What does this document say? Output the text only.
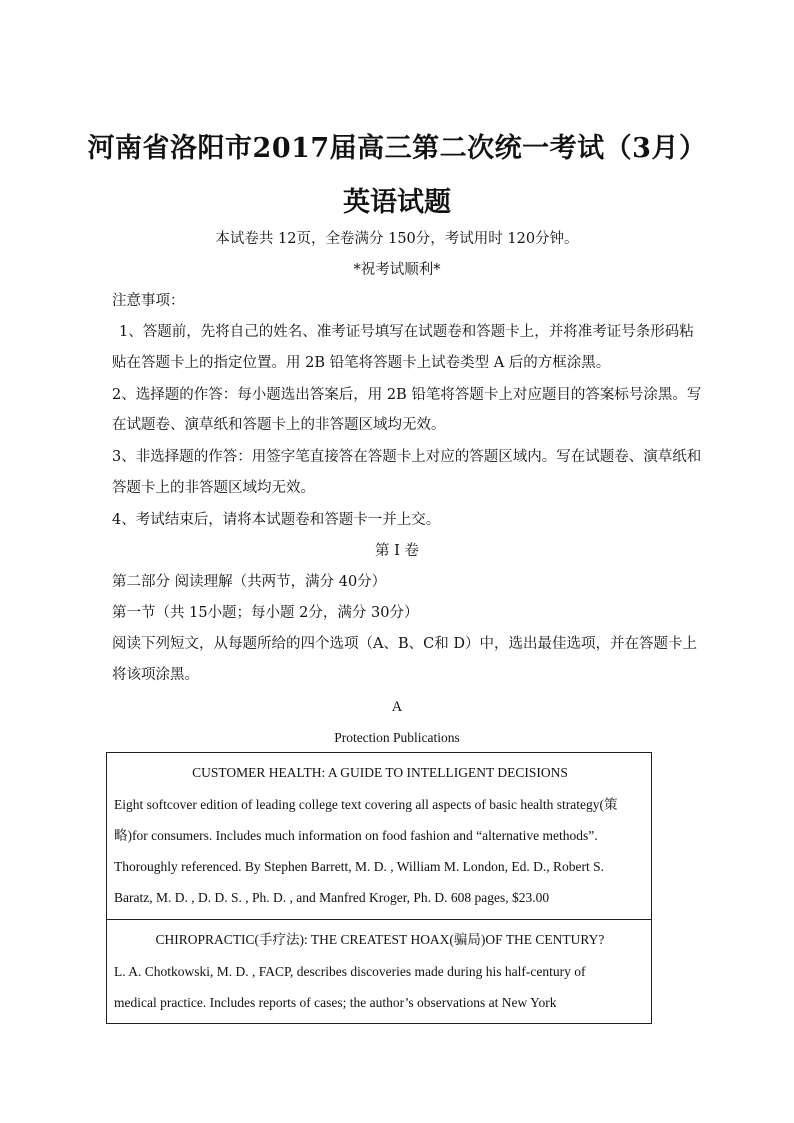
河南省洛阳市2017届高三第二次统一考试（3月）
英语试题
本试卷共 12页，全卷满分 150分，考试用时 120分钟。
*祝考试顺利*
注意事项：
1、答题前，先将自己的姓名、准考证号填写在试题卷和答题卡上，并将准考证号条形码粘
贴在答题卡上的指定位置。用 2B 铅笔将答题卡上试卷类型 A 后的方框涂黑。
2、选择题的作答：每小题选出答案后，用 2B 铅笔将答题卡上对应题目的答案标号涂黑。写
在试题卷、演草纸和答题卡上的非答题区域均无效。
3、非选择题的作答：用签字笔直接答在答题卡上对应的答题区域内。写在试题卷、演草纸和
答题卡上的非答题区域均无效。
4、考试结束后，请将本试题卷和答题卡一并上交。
第 I 卷
第二部分 阅读理解（共两节，满分 40分）
第一节（共 15小题；每小题 2分，满分 30分）
阅读下列短文，从每题所给的四个选项（A、B、C和 D）中，选出最佳选项，并在答题卡上
将该项涂黑。
A
Protection Publications
CUSTOMER HEALTH: A GUIDE TO INTELLIGENT DECISIONS
Eight softcover edition of leading college text covering all aspects of basic health strategy(策
略)for consumers. Includes much information on food fashion and “alternative methods”.
Thoroughly referenced. By Stephen Barrett, M. D. , William M. London, Ed. D., Robert S.
Baratz, M. D. , D. D. S. , Ph. D. , and Manfred Kroger, Ph. D. 608 pages, $23.00
CHIROPRACTIC(手疗法): THE CREATEST HOAX(骗局)OF THE CENTURY?
L. A. Chotkowski, M. D. , FACP, describes discoveries made during his half-century of
medical practice. Includes reports of cases; the author’s observations at New York
